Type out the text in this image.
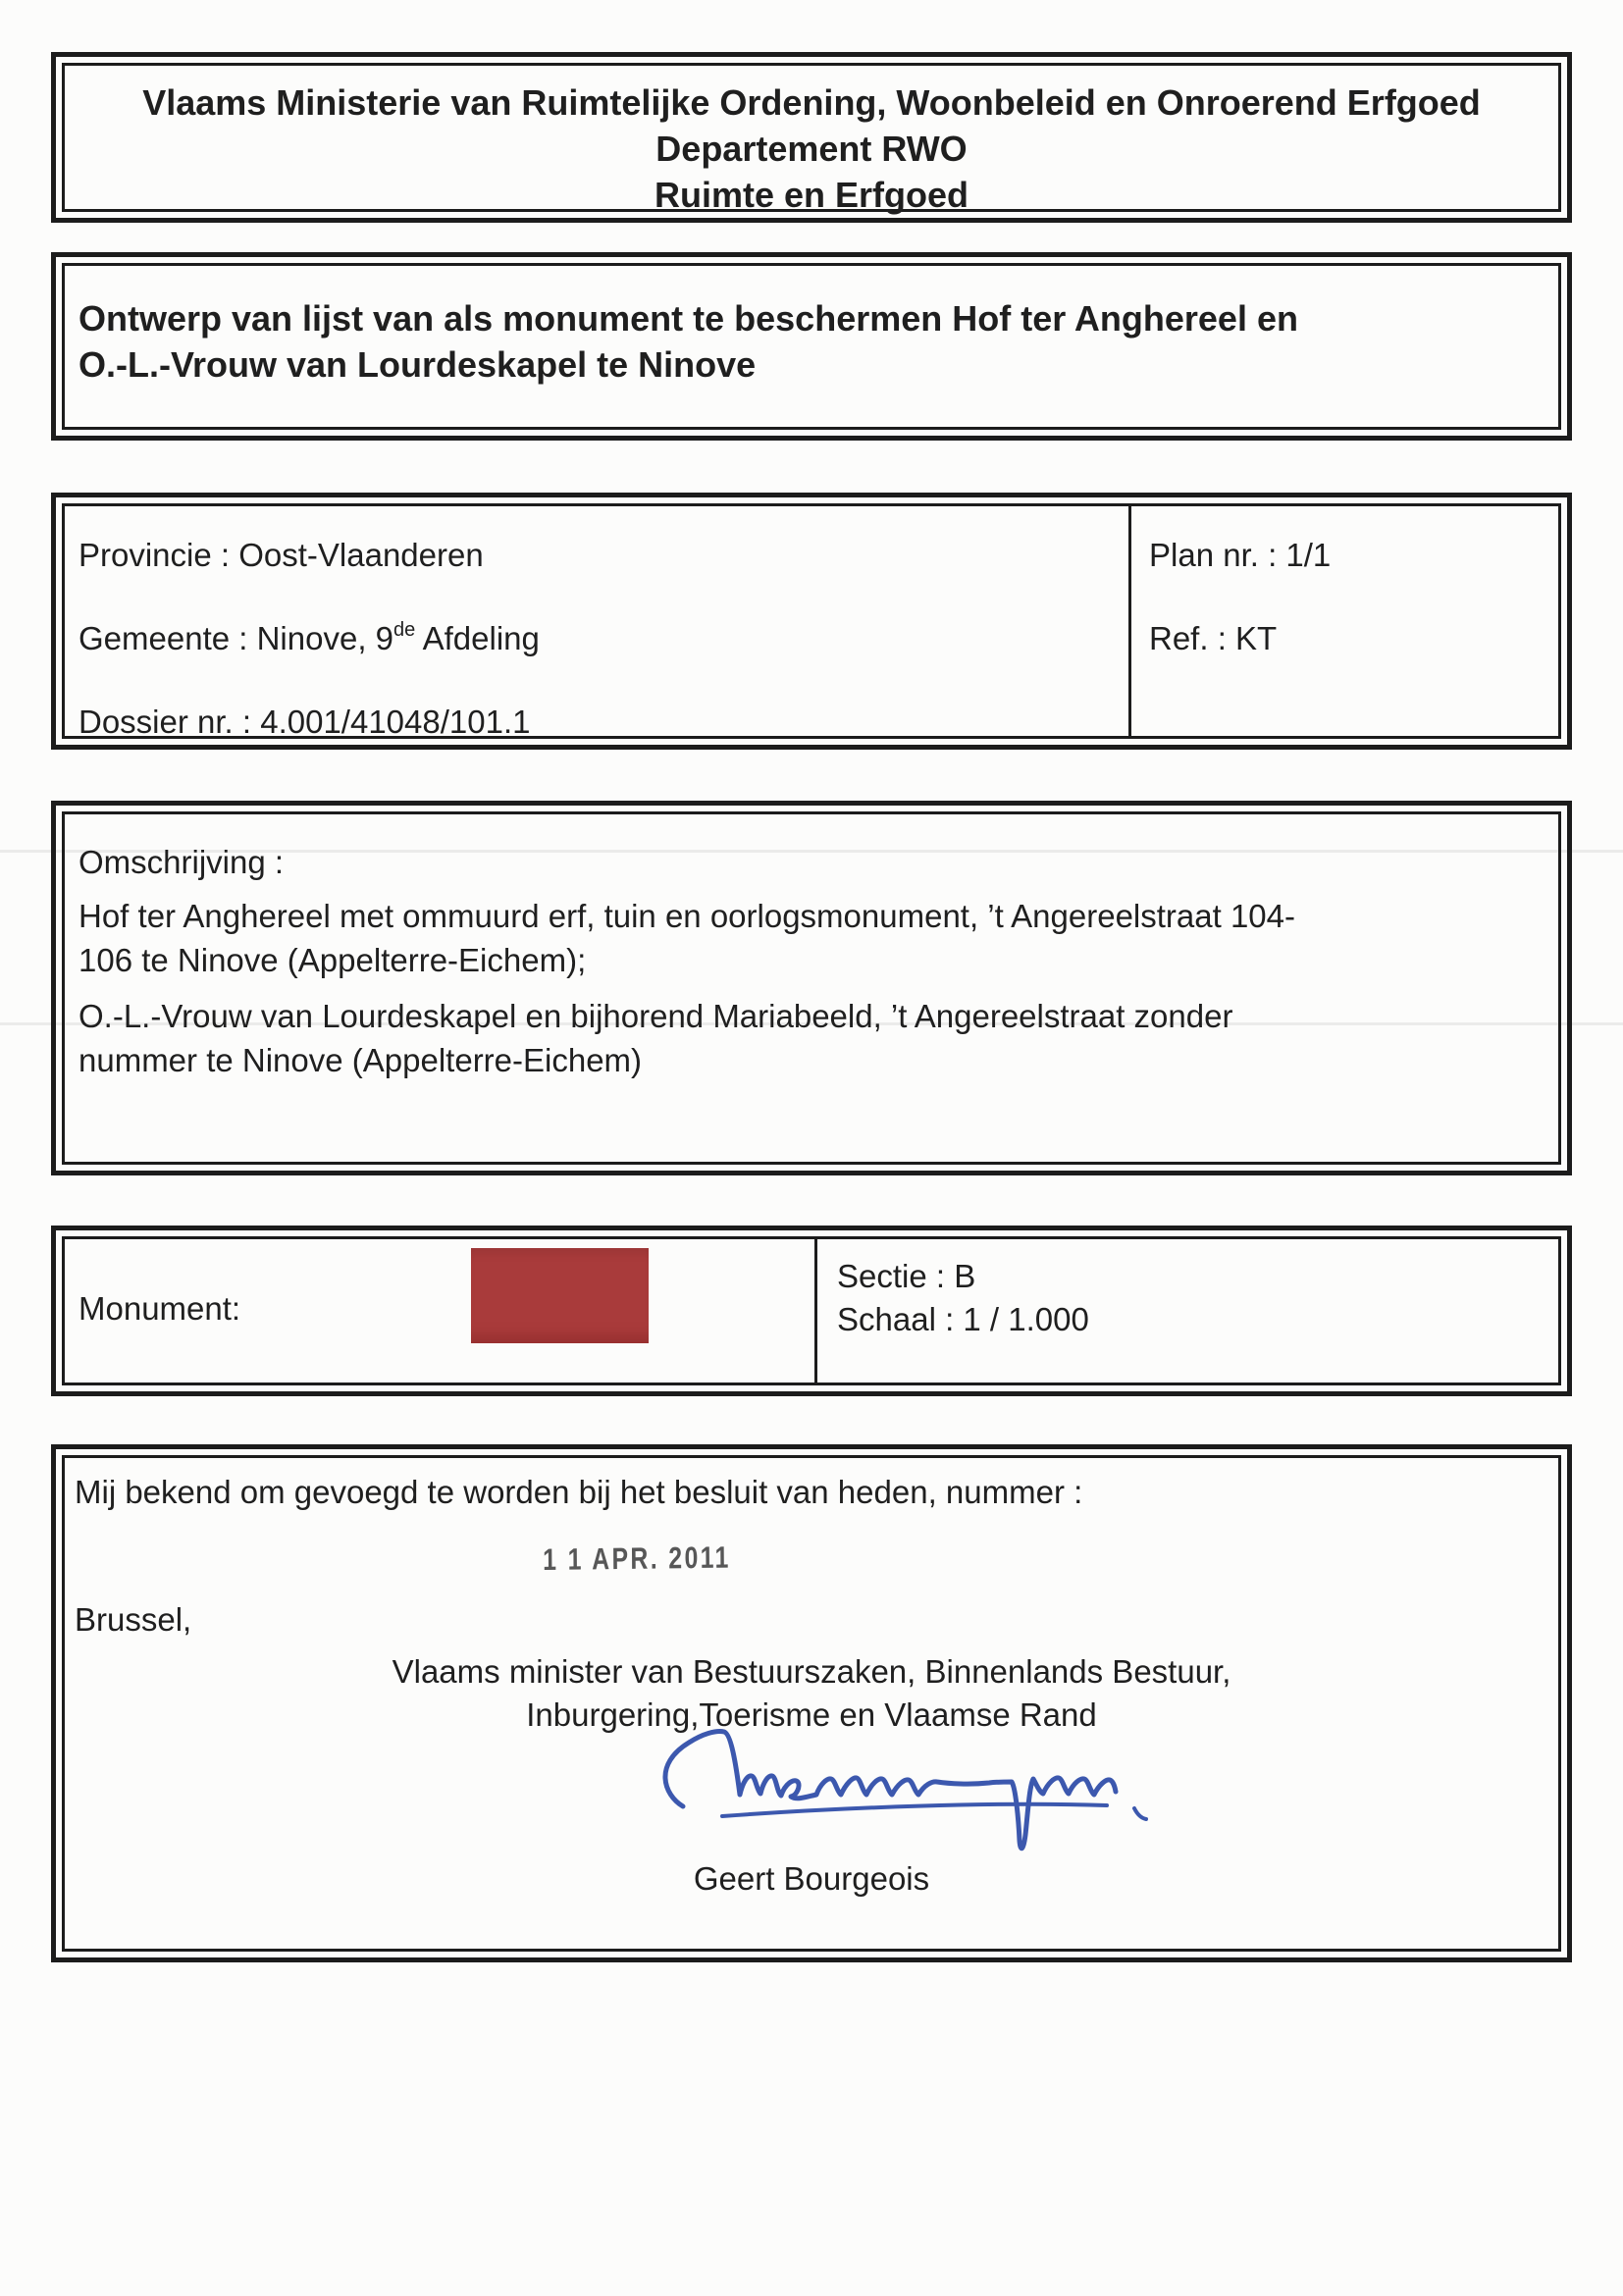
Vlaams Ministerie van Ruimtelijke Ordening, Woonbeleid en Onroerend Erfgoed
Departement RWO
Ruimte en Erfgoed
Ontwerp van lijst van als monument te beschermen Hof ter Anghereel en
O.-L.-Vrouw van Lourdeskapel te Ninove
Provincie : Oost-Vlaanderen
Gemeente : Ninove, 9de Afdeling
Dossier nr. : 4.001/41048/101.1
Plan nr. : 1/1
Ref. : KT
Omschrijving :
Hof ter Anghereel met ommuurd erf, tuin en oorlogsmonument, ’t Angereelstraat 104-
106 te Ninove (Appelterre-Eichem);
O.-L.-Vrouw van Lourdeskapel en bijhorend Mariabeeld, ’t Angereelstraat zonder
nummer te Ninove (Appelterre-Eichem)
Monument:
Sectie : B
Schaal : 1 / 1.000
Mij bekend om gevoegd te worden bij het besluit van heden, nummer :
1 1 APR. 2011
Brussel,
Vlaams minister van Bestuurszaken, Binnenlands Bestuur,
Inburgering,Toerisme en Vlaamse Rand
Geert Bourgeois
